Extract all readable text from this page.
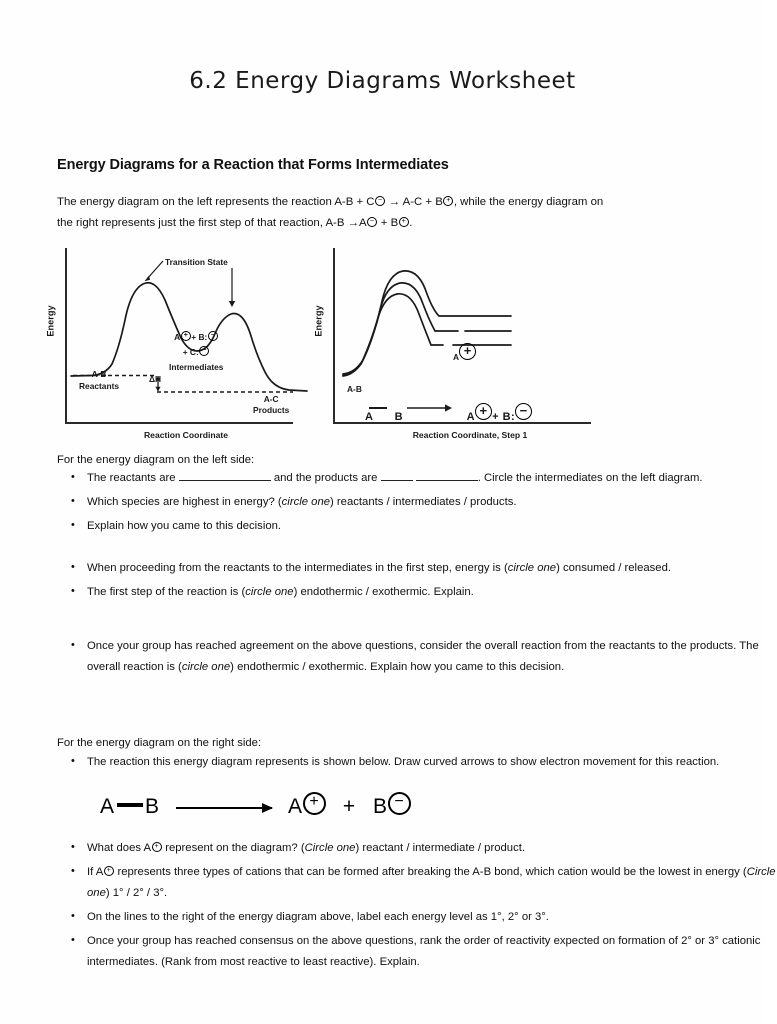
6.2 Energy Diagrams Worksheet
Energy Diagrams for a Reaction that Forms Intermediates
The energy diagram on the left represents the reaction A-B + C − → A-C + B + , while the energy diagram on the right represents just the first step of that reaction, A-B →A − + B + .
Energy
Reaction Coordinate
Transition State
A-B
Reactants
ΔH
A + + B: −
+ C: −
Intermediates
A-C
Products
Energy
Reaction Coordinate, Step 1
A-B
A +
A B	A + + B: −
For the energy diagram on the left side:
• The reactants are	and the products are	. Circle the intermediates on the left diagram.
• Which species are highest in energy? (circle one) reactants / intermediates / products.
• Explain how you came to this decision.
• When proceeding from the reactants to the intermediates in the first step, energy is (circle one) consumed / released.
• The first step of the reaction is (circle one) endothermic / exothermic. Explain.
• Once your group has reached agreement on the above questions, consider the overall reaction from the reactants to the products. The overall reaction is (circle one) endothermic / exothermic. Explain how you came to this decision.
For the energy diagram on the right side:
• The reaction this energy diagram represents is shown below. Draw curved arrows to show electron movement for this reaction.
A B	A + + B −
• What does A + represent on the diagram? (Circle one) reactant / intermediate / product.
• If A + represents three types of cations that can be formed after breaking the A-B bond, which cation would be the lowest in energy (Circle one) 1° / 2° / 3°.
• On the lines to the right of the energy diagram above, label each energy level as 1°, 2° or 3°.
• Once your group has reached consensus on the above questions, rank the order of reactivity expected on formation of 2° or 3° cationic intermediates. (Rank from most reactive to least reactive). Explain.
